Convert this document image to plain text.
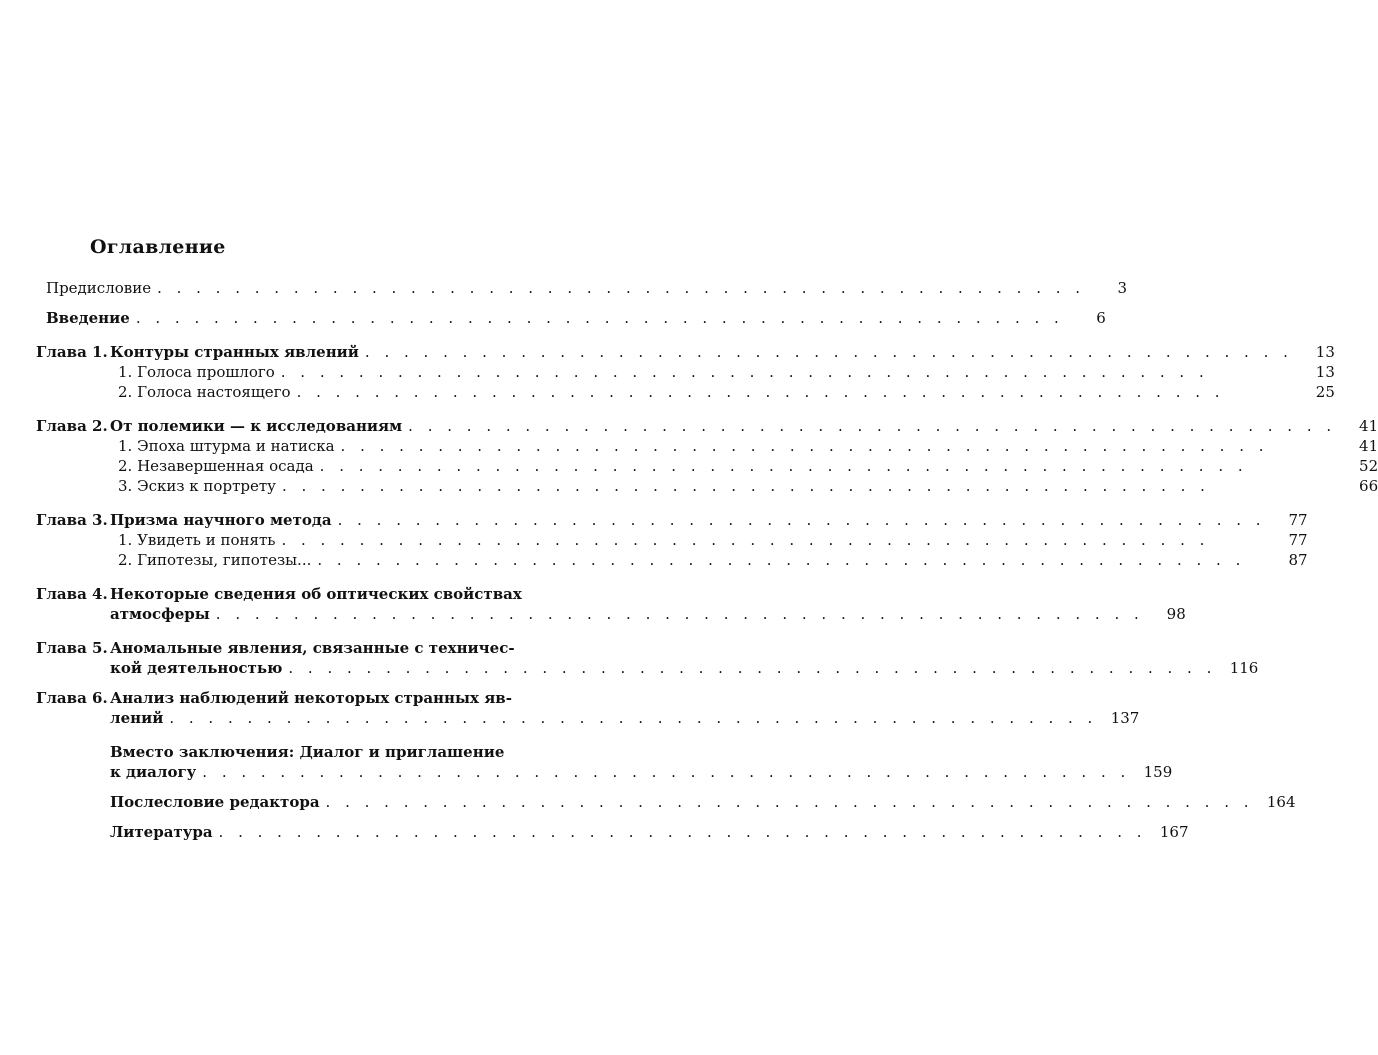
Оглавление
Предисловие . . .	3
Введение . . .	6
Глава 1. Контуры странных явлений . . .	13
1. Голоса прошлого . . .	13
2. Голоса настоящего . . .	25
Глава 2. От полемики — к исследованиям . . .	41
1. Эпоха штурма и натиска . . .	41
2. Незавершенная осада . . .	52
3. Эскиз к портрету . . .	66
Глава 3. Призма научного метода . . .	77
1. Увидеть и понять . . .	77
2. Гипотезы, гипотезы... . . .	87
Глава 4. Некоторые сведения об оптических свойствах
атмосферы . . .	98
Глава 5. Аномальные явления, связанные с техничес-
кой деятельностью . . .	116
Глава 6. Анализ наблюдений некоторых странных яв-
лений . . .	137
Вместо заключения: Диалог и приглашение
к диалогу . . .	159
Послесловие редактора . . .	164
Литература . . .	167
